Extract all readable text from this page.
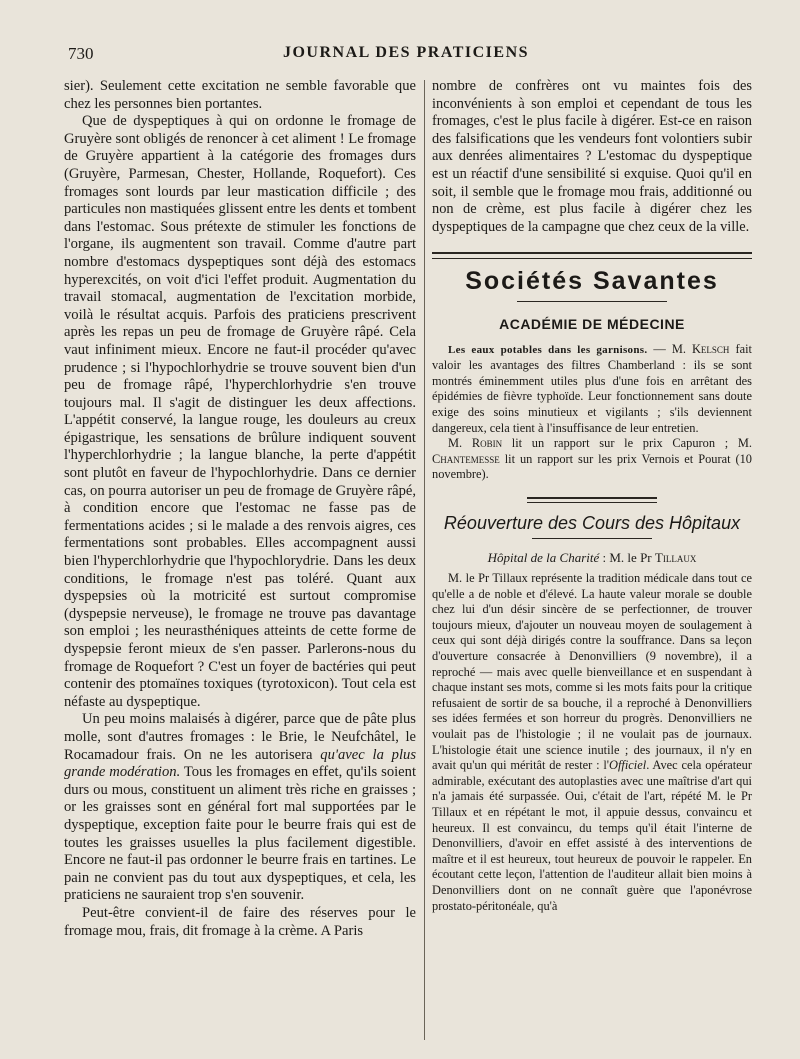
730	JOURNAL DES PRATICIENS

sier). Seulement cette excitation ne semble favorable que chez les personnes bien portantes.

Que de dyspeptiques à qui on ordonne le fromage de Gruyère sont obligés de renoncer à cet aliment ! Le fromage de Gruyère appartient à la catégorie des fromages durs (Gruyère, Parmesan, Chester, Hollande, Roquefort). Ces fromages sont lourds par leur mastication difficile ; des particules non mastiquées glissent entre les dents et tombent dans l'estomac. Sous prétexte de stimuler les fonctions de l'organe, ils augmentent son travail. Comme d'autre part nombre d'estomacs dyspeptiques sont déjà des estomacs hyperexcités, on voit d'ici l'effet produit. Augmentation du travail stomacal, augmentation de l'excitation morbide, voilà le résultat acquis. Parfois des praticiens prescrivent après les repas un peu de fromage de Gruyère râpé. Cela vaut infiniment mieux. Encore ne faut-il procéder qu'avec prudence ; si l'hypochlorhydrie se trouve souvent bien d'un peu de fromage râpé, l'hyperchlorhydrie s'en trouve toujours mal. Il s'agit de distinguer les deux affections. L'appétit conservé, la langue rouge, les douleurs au creux épigastrique, les sensations de brûlure indiquent souvent l'hyperchlorhydrie ; la langue blanche, la perte d'appétit sont plutôt en faveur de l'hypochlorhydrie. Dans ce dernier cas, on pourra autoriser un peu de fromage de Gruyère râpé, à condition encore que l'estomac ne fasse pas de fermentations acides ; si le malade a des renvois aigres, ces fermentations sont probables. Elles accompagnent aussi bien l'hyperchlorhydrie que l'hypochlorydrie. Dans les deux conditions, le fromage n'est pas toléré. Quant aux dyspepsies où la motricité est surtout compromise (dyspepsie nerveuse), le fromage ne trouve pas davantage son emploi ; les neurasthéniques atteints de cette forme de dyspepsie feront mieux de s'en passer. Parlerons-nous du fromage de Roquefort ? C'est un foyer de bactéries qui peut contenir des ptomaïnes toxiques (tyrotoxicon). Tout cela est néfaste au dyspeptique.

Un peu moins malaisés à digérer, parce que de pâte plus molle, sont d'autres fromages : le Brie, le Neufchâtel, le Rocamadour frais. On ne les autorisera qu'avec la plus grande modération. Tous les fromages en effet, qu'ils soient durs ou mous, constituent un aliment très riche en graisses ; or les graisses sont en général fort mal supportées par le dyspeptique, exception faite pour le beurre frais qui est de toutes les graisses usuelles la plus facilement digestible. Encore ne faut-il pas ordonner le beurre frais en tartines. Le pain ne convient pas du tout aux dyspeptiques, et cela, les praticiens ne sauraient trop s'en souvenir.

Peut-être convient-il de faire des réserves pour le fromage mou, frais, dit fromage à la crème. A Paris

nombre de confrères ont vu maintes fois des inconvénients à son emploi et cependant de tous les fromages, c'est le plus facile à digérer. Est-ce en raison des falsifications que les vendeurs font volontiers subir aux denrées alimentaires ? L'estomac du dyspeptique est un réactif d'une sensibilité si exquise. Quoi qu'il en soit, il semble que le fromage mou frais, additionné ou non de crème, est plus facile à digérer chez les dyspeptiques de la campagne que chez ceux de la ville.

Sociétés Savantes
ACADÉMIE DE MÉDECINE

Les eaux potables dans les garnisons. — M. Kelsch fait valoir les avantages des filtres Chamberland : ils se sont montrés éminemment utiles plus d'une fois en arrêtant des épidémies de fièvre typhoïde. Leur fonctionnement sans doute exige des soins minutieux et vigilants ; s'ils deviennent dangereux, cela tient à l'insuffisance de leur entretien.

M. Robin lit un rapport sur le prix Capuron ; M. Chantemesse lit un rapport sur les prix Vernois et Pourat (10 novembre).

Réouverture des Cours des Hôpitaux
Hôpital de la Charité : M. le Pr Tillaux

M. le Pr Tillaux représente la tradition médicale dans tout ce qu'elle a de noble et d'élevé. La haute valeur morale se double chez lui d'un désir sincère de se perfectionner, de trouver toujours mieux, d'ajouter un nouveau moyen de soulagement à ceux qui sont déjà dirigés contre la souffrance. Dans sa leçon d'ouverture consacrée à Denonvilliers (9 novembre), il a reproché — mais avec quelle bienveillance et en suspendant à chaque instant ses mots, comme si les mots faits pour la critique refusaient de sortir de sa bouche, il a reproché à Denonvilliers ses idées fermées et son horreur du progrès. Denonvilliers ne voulait pas de l'histologie ; il ne voulait pas de journaux. L'histologie était une science inutile ; des journaux, il n'y en avait qu'un qui méritât de rester : l'Officiel. Avec cela opérateur admirable, exécutant des autoplasties avec une maîtrise d'art qui n'a jamais été surpassée. Oui, c'était de l'art, répété M. le Pr Tillaux et en répétant le mot, il appuie dessus, convaincu et heureux. Il est convaincu, du temps qu'il était l'interne de Denonvilliers, d'avoir en effet assisté à des interventions de maître et il est heureux, tout heureux de pouvoir le rappeler. En écoutant cette leçon, l'attention de l'auditeur allait bien moins à Denonvilliers dont on ne connaît guère que l'aponévrose prostato-péritonéale, qu'à
